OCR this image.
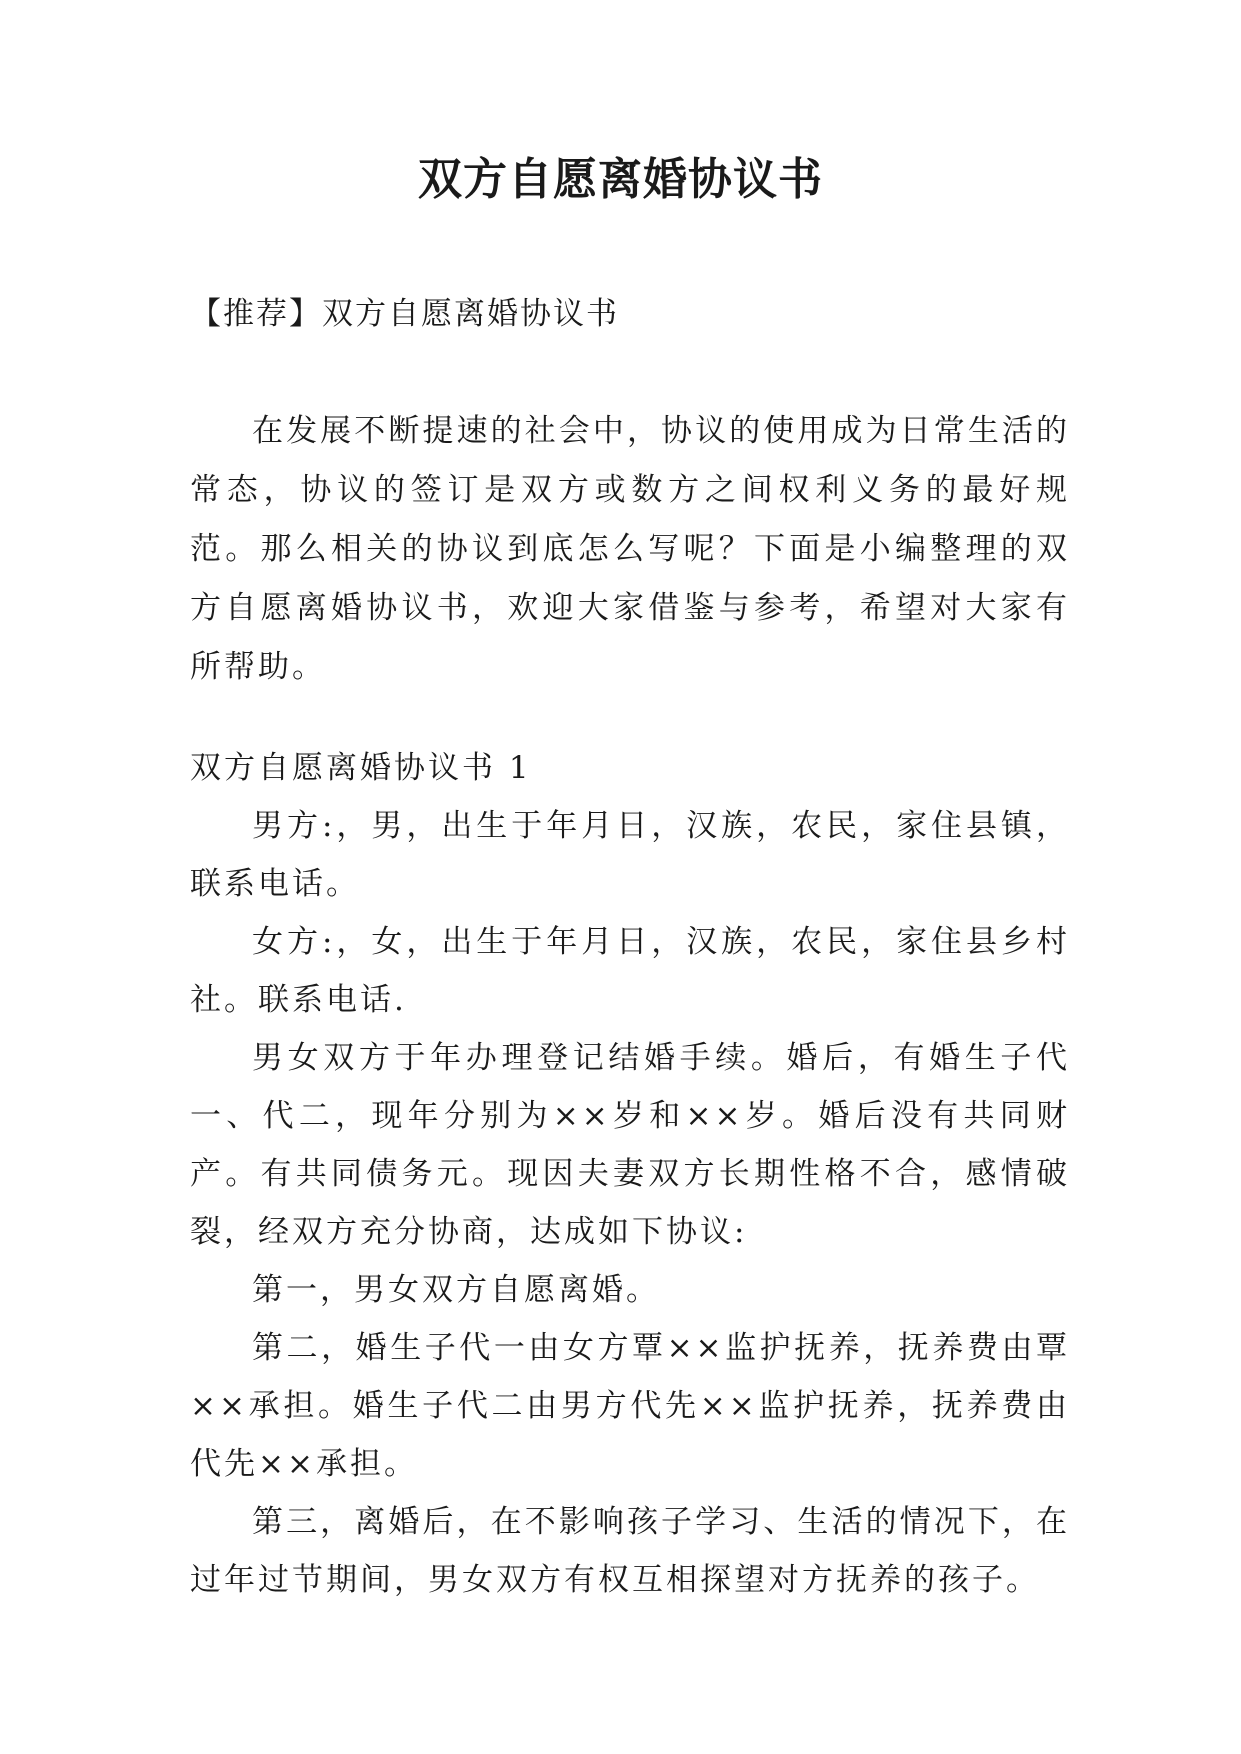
双方自愿离婚协议书
【推荐】双方自愿离婚协议书

在发展不断提速的社会中，协议的使用成为日常生活的常态，协议的签订是双方或数方之间权利义务的最好规范。那么相关的协议到底怎么写呢？下面是小编整理的双方自愿离婚协议书，欢迎大家借鉴与参考，希望对大家有所帮助。

双方自愿离婚协议书 1

男方:，男，出生于年月日，汉族，农民，家住县镇，联系电话。

女方:，女，出生于年月日，汉族，农民，家住县乡村社。联系电话.

男女双方于年办理登记结婚手续。婚后，有婚生子代一、代二，现年分别为××岁和××岁。婚后没有共同财产。有共同债务元。现因夫妻双方长期性格不合，感情破裂，经双方充分协商，达成如下协议:

第一，男女双方自愿离婚。

第二，婚生子代一由女方覃××监护抚养，抚养费由覃××承担。婚生子代二由男方代先××监护抚养，抚养费由代先××承担。

第三，离婚后，在不影响孩子学习、生活的情况下，在过年过节期间，男女双方有权互相探望对方抚养的孩子。
